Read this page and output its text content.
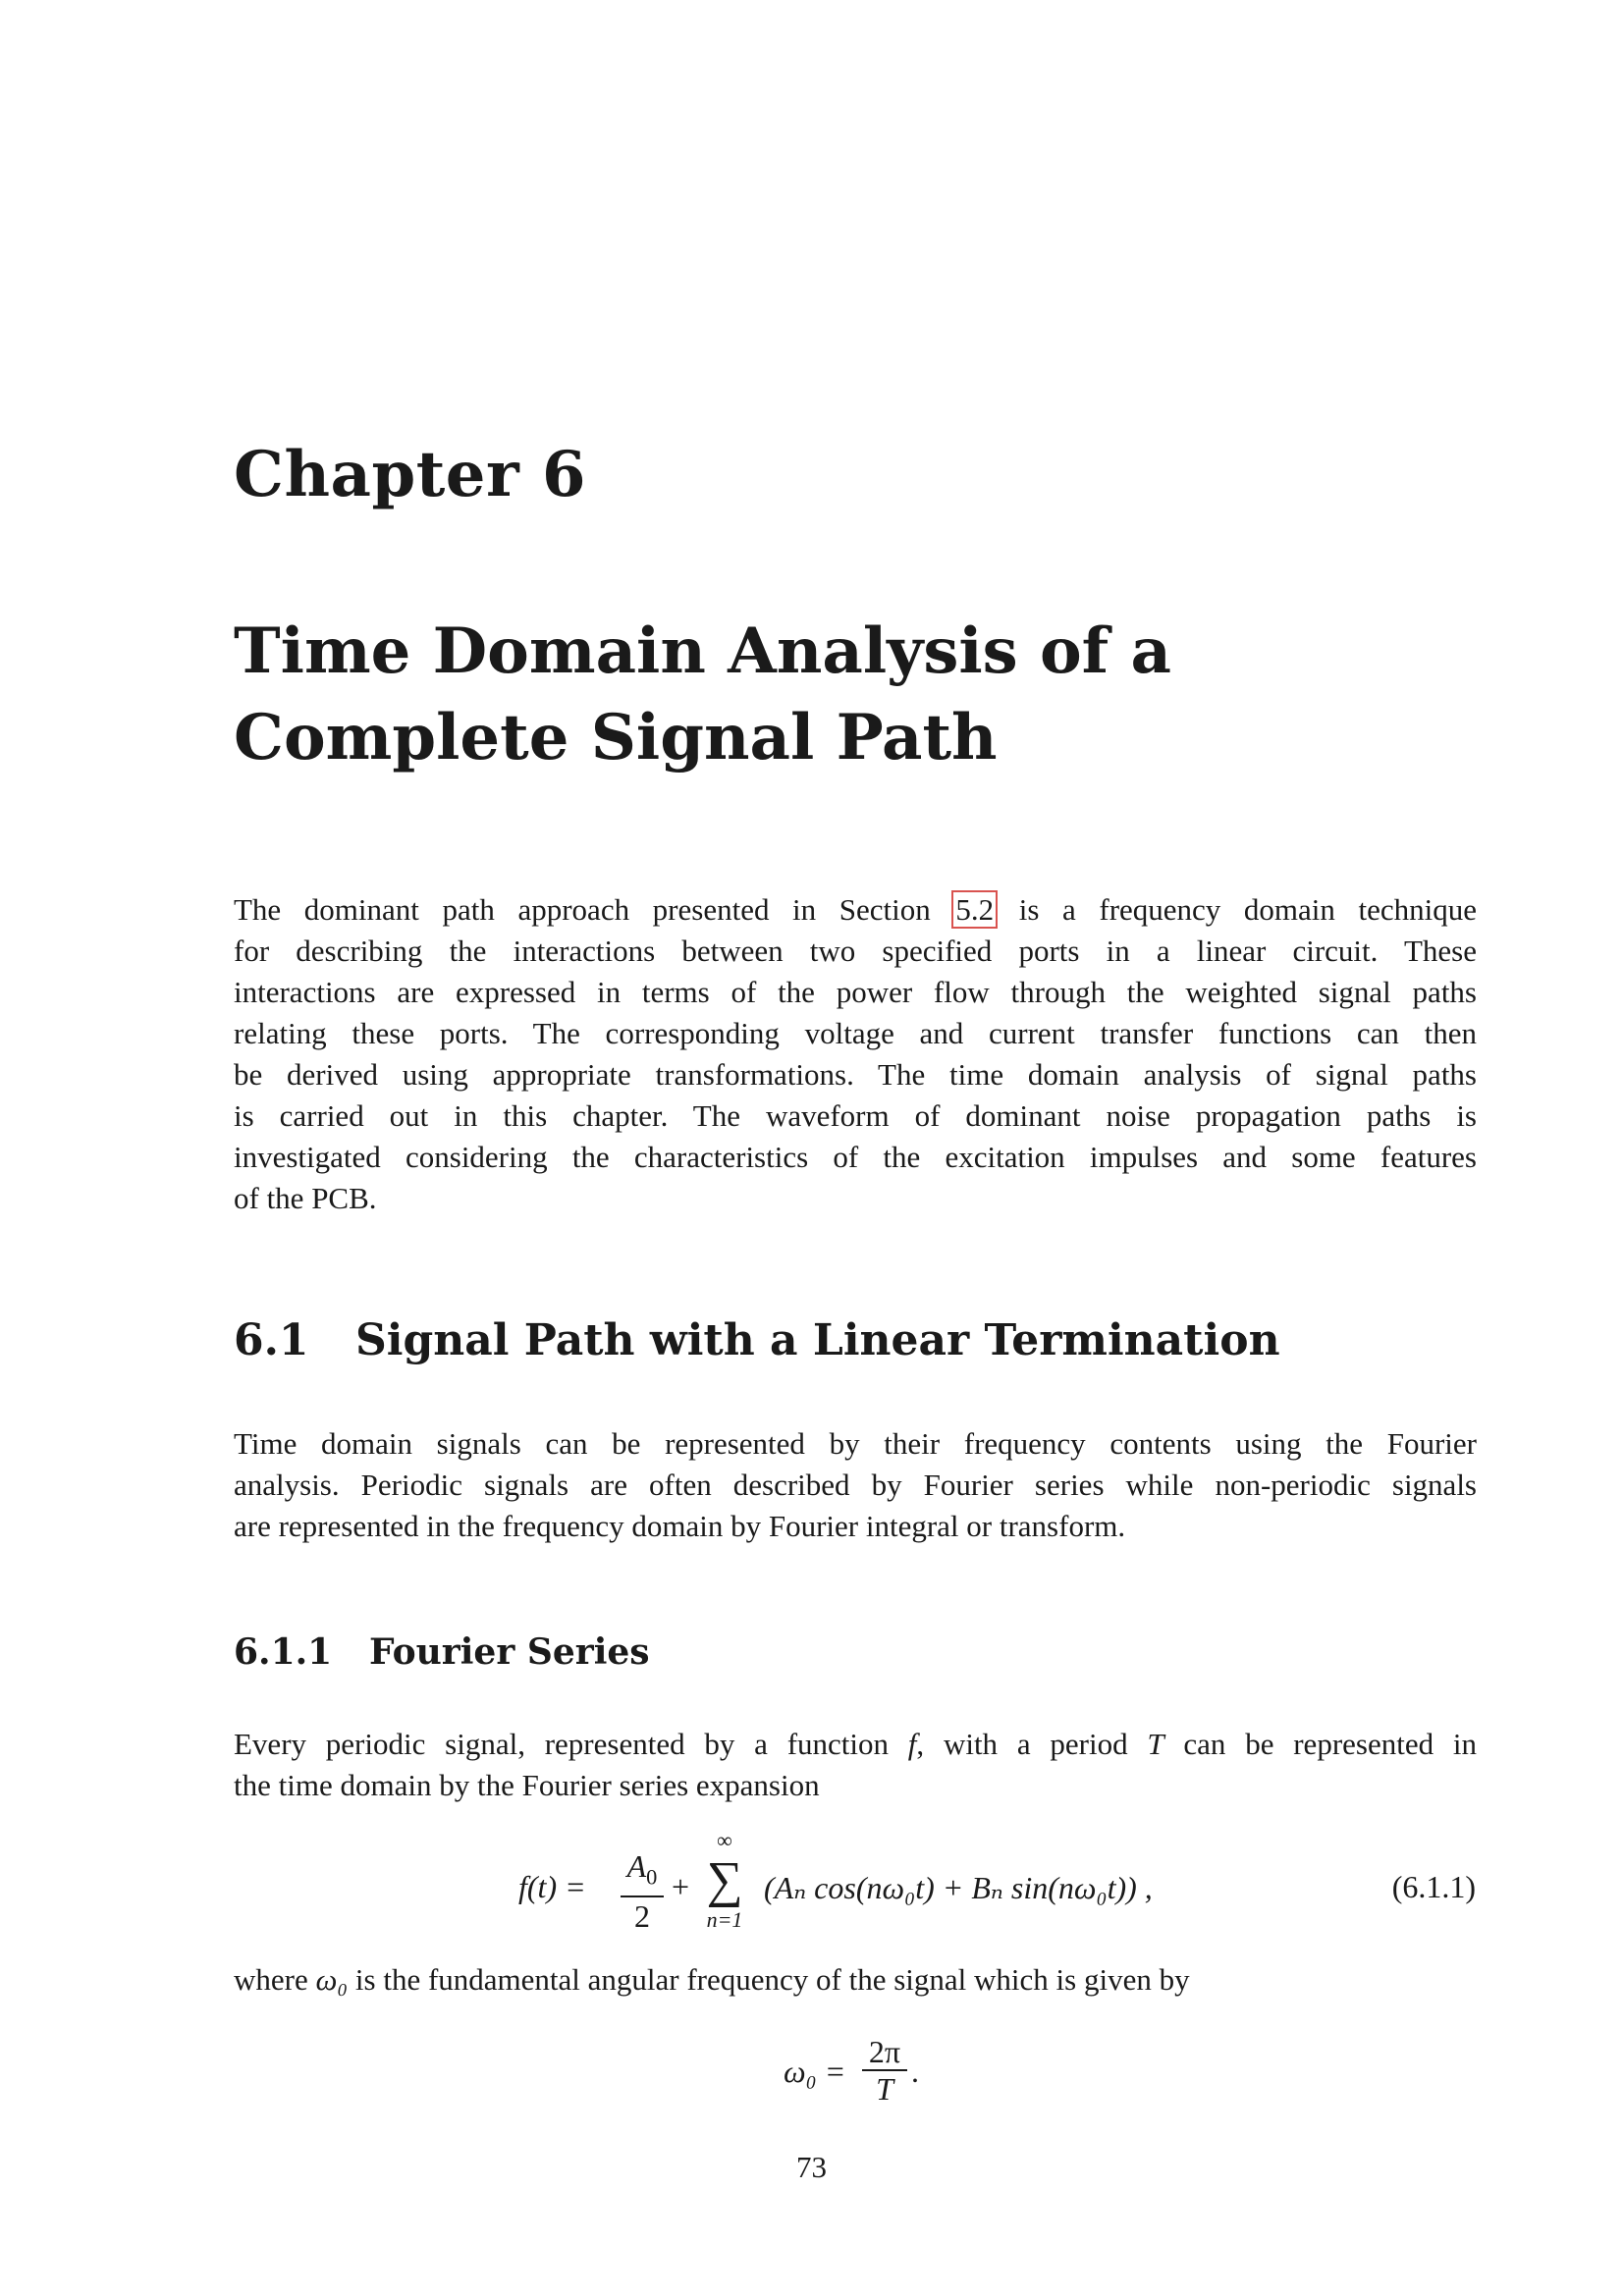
Chapter 6
Time Domain Analysis of a
Complete Signal Path
The dominant path approach presented in Section 5.2 is a frequency domain technique
for describing the interactions between two specified ports in a linear circuit. These
interactions are expressed in terms of the power flow through the weighted signal paths
relating these ports. The corresponding voltage and current transfer functions can then
be derived using appropriate transformations. The time domain analysis of signal paths
is carried out in this chapter. The waveform of dominant noise propagation paths is
investigated considering the characteristics of the excitation impulses and some features
of the PCB.
6.1 Signal Path with a Linear Termination
Time domain signals can be represented by their frequency contents using the Fourier
analysis. Periodic signals are often described by Fourier series while non-periodic signals
are represented in the frequency domain by Fourier integral or transform.
6.1.1 Fourier Series
Every periodic signal, represented by a function f, with a period T can be represented in
the time domain by the Fourier series expansion
$f(t) = \frac{A_0}{2}$ +
∞
∑
n=1
(Aₙ cos(nω₀t) + Bₙ sin(nω₀t)) ,	(6.1.1)
where ω₀ is the fundamental angular frequency of the signal which is given by
$\omega_0 = \frac{2\pi}{T}$ .
73
